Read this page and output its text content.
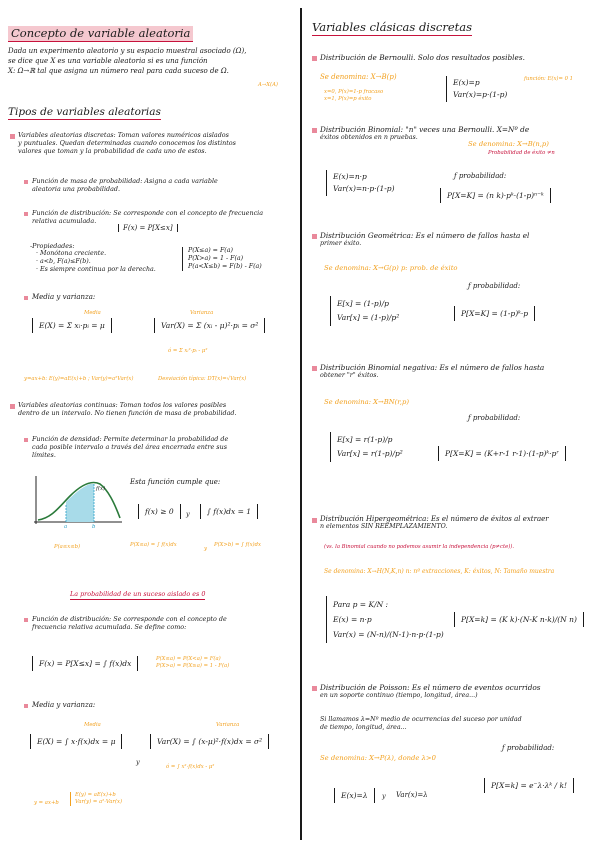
Concepto de variable aleatoria
Dada un experimento aleatorio y su espacio muestral asociado (Ω),
se dice que X es una variable aleatoria si es una función
X: Ω→ℝ tal que asigna un número real para cada suceso de Ω.
A→X(A)
Tipos de variables aleatorias
Variables aleatorias discretas: Toman valores numéricos aislados
y puntuales. Quedan determinadas cuando conocemos los distintos
valores que toman y la probabilidad de cada uno de estos.
Función de masa de probabilidad: Asigna a cada variable
aleatoria una probabilidad.
Función de distribución: Se corresponde con el concepto de frecuencia
relativa acumulada.
F(x) = P[X≤x]
-Propiedades:
· Monótona creciente.
· a<b, F(a)≤F(b).
· Es siempre continua por la derecha.
P(X≤a) = F(a)
P(X>a) = 1 - F(a)
P(a<X≤b) = F(b) - F(a)
Media y varianza:
Media	Varianza
E(X) = Σ xᵢ·pᵢ = μ	Var(X) = Σ (xᵢ - μ)²·pᵢ = σ²
ó = Σ xᵢ²·pᵢ - μ²
y=ax+b: E(y)=aE(x)+b ; Var(y)=a²Var(x)	Desviación típica: DT(x)=√Var(x)
Variables aleatorias continuas: Toman todos los valores posibles
dentro de un intervalo. No tienen función de masa de probabilidad.
Función de densidad: Permite determinar la probabilidad de
cada posible intervalo a través del área encerrada entre sus
límites.
f(x)
a	b
P(a≤x≤b)
Esta función cumple que:
f(x) ≥ 0	y	∫ f(x)dx = 1
P(X≤a) = ∫ f(x)dx
y
P(X>b) = ∫ f(x)dx
La probabilidad de un suceso aislado es 0
Función de distribución: Se corresponde con el concepto de
frecuencia relativa acumulada. Se define como:
F(x) = P[X≤x] = ∫ f(x)dx	P(X≤a) = P(X<a) = F(a)
P(X>a) = P(X≥a) = 1 - F(a)
Media y varianza:
Media	Varianza
E(X) = ∫ x·f(x)dx = μ
y
Var(X) = ∫ (x-μ)²·f(x)dx = σ²
ó = ∫ x²·f(x)dx - μ²
y = ax+b
E(y) = aE(x)+b
Var(y) = a²·Var(x)
Variables clásicas discretas
Distribución de Bernoulli. Solo dos resultados posibles.
Se denomina: X→B(p)
x=0, P(x)=1-p fracaso
x=1, P(x)=p éxito
E(x)=p
Var(x)=p·(1-p)
función: E(x)= 0 1
Distribución Binomial: "n" veces una Bernoulli. X=Nº de
éxitos obtenidos en n pruebas.
Se denomina: X→B(n,p)
Probabilidad de éxito ≠n
E(x)=n·p
Var(x)=n·p·(1-p)
ƒ probabilidad:
P[X=K] = (n k)·pᵏ·(1-p)ⁿ⁻ᵏ
Distribución Geométrica: Es el número de fallos hasta el
primer éxito.
Se denomina: X→G(p) p: prob. de éxito
ƒ probabilidad:
E[x] = (1-p)/p
Var[x] = (1-p)/p²	P[X=K] = (1-p)ᵏ·p
Distribución Binomial negativa: Es el número de fallos hasta
obtener "r" éxitos.
Se denomina: X→BN(r,p)
ƒ probabilidad:
E[x] = r(1-p)/p
Var[x] = r(1-p)/p²	P[X=K] = (K+r-1 r-1)·(1-p)ᵏ·pʳ
Distribución Hipergeométrica: Es el número de éxitos al extraer
n elementos SIN REEMPLAZAMIENTO.
(vs. la Binomial cuando no podemos asumir la independencia (p≠cte)).
Se denomina: X→H(N,K,n) n: nº extracciones, K: éxitos, N: Tamaño muestra
Para p = K/N :
E(x) = n·p
Var(x) = (N-n)/(N-1)·n·p·(1-p)
P[X=k] = (K k)·(N-K n-k)/(N n)
Distribución de Poisson: Es el número de eventos ocurridos
en un soporte continuo (tiempo, longitud, área...)
Si llamamos λ=Nº medio de ocurrencias del suceso por unidad
de tiempo, longitud, área...
Se denomina: X→P(λ), donde λ>0
ƒ probabilidad:
E(x)=λ	y Var(x)=λ
P[X=k] = e⁻λ·λᵏ / k!
